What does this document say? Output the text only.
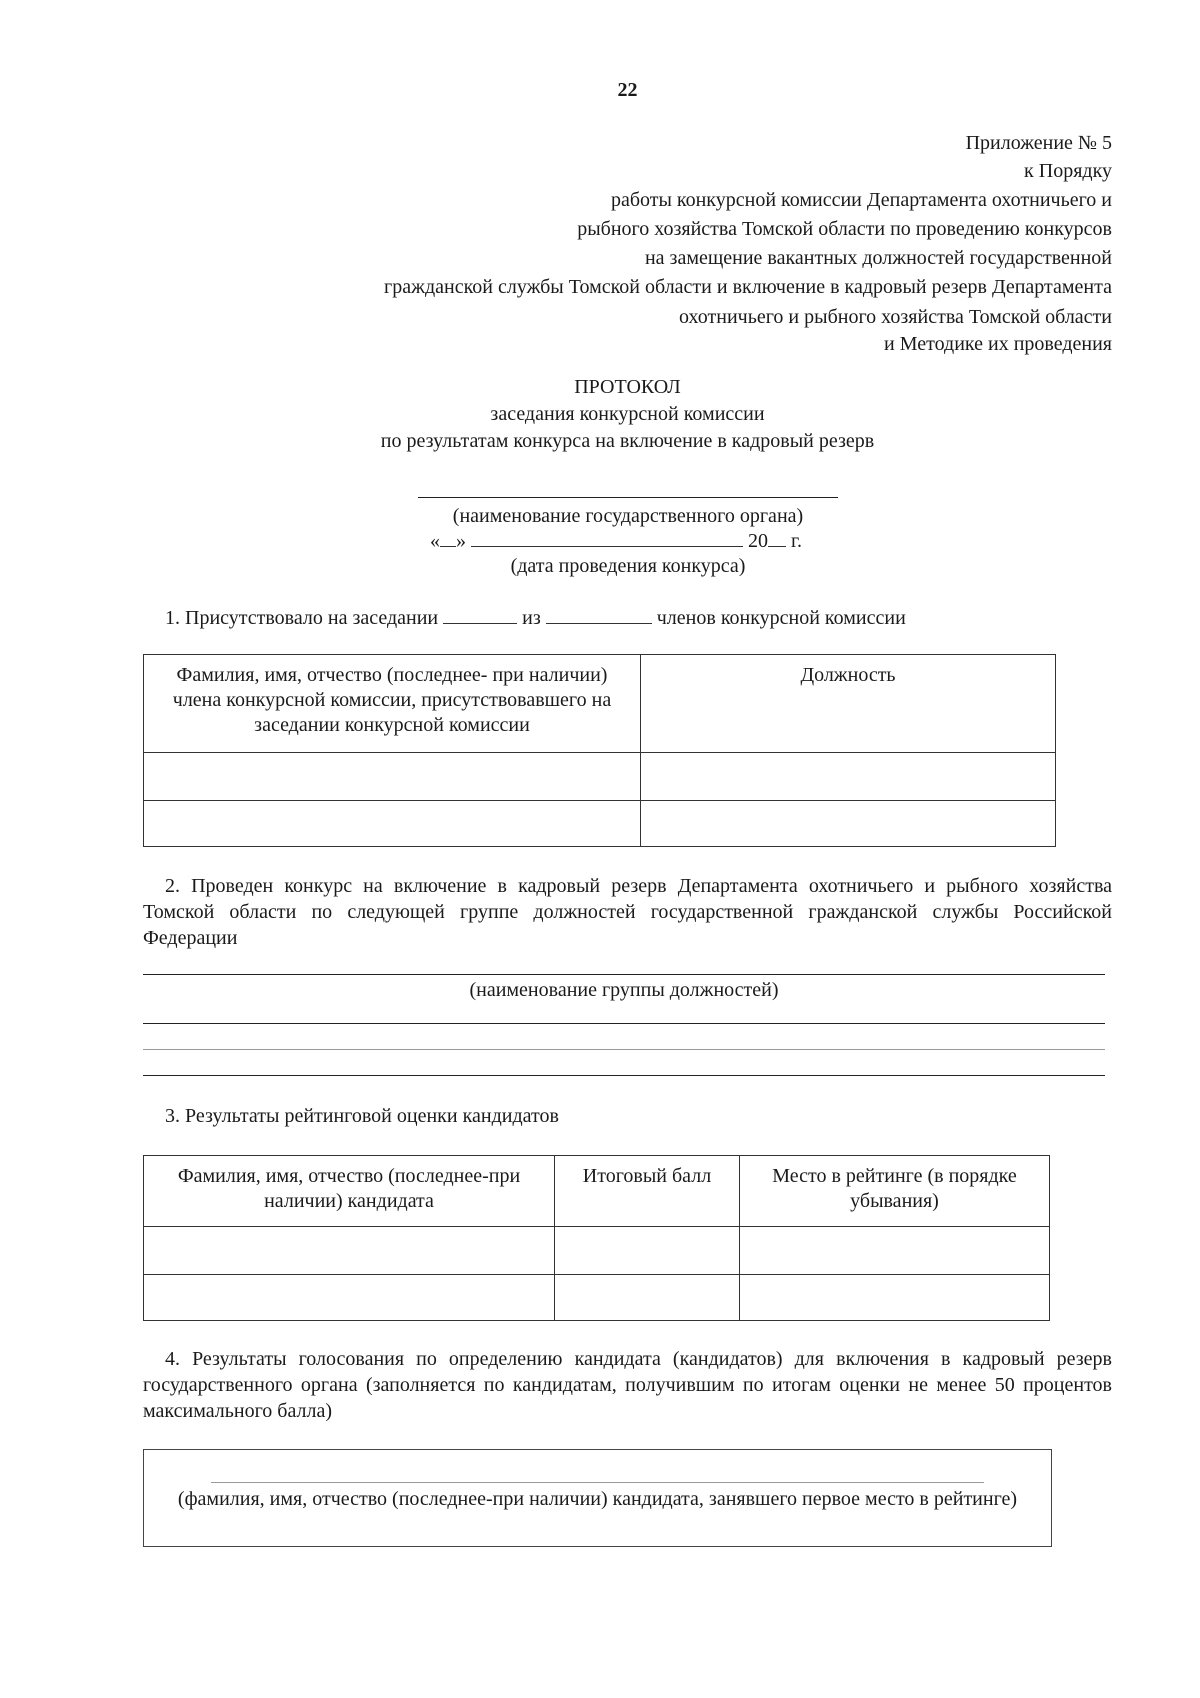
22
Приложение № 5
к Порядку
работы конкурсной комиссии Департамента охотничьего и
рыбного хозяйства Томской области по проведению конкурсов
на замещение вакантных должностей государственной
гражданской службы Томской области и включение в кадровый резерв Департамента
охотничьего и рыбного хозяйства Томской области
и Методике их проведения
ПРОТОКОЛ
заседания конкурсной комиссии
по результатам конкурса на включение в кадровый резерв
(наименование государственного органа)
« »	20 г.
(дата проведения конкурса)
1. Присутствовало на заседании	из	членов конкурсной комиссии
Фамилия, имя, отчество (последнее- при наличии) члена конкурсной комиссии, присутствовавшего на заседании конкурсной комиссии	Должность

2. Проведен конкурс на включение в кадровый резерв Департамента охотничьего и рыбного хозяйства Томской области по следующей группе должностей государственной гражданской службы Российской Федерации
(наименование группы должностей)
3. Результаты рейтинговой оценки кандидатов
Фамилия, имя, отчество (последнее-при наличии) кандидата	Итоговый балл	Место в рейтинге (в порядке убывания)

4. Результаты голосования по определению кандидата (кандидатов) для включения в кадровый резерв государственного органа (заполняется по кандидатам, получившим по итогам оценки не менее 50 процентов максимального балла)
(фамилия, имя, отчество (последнее-при наличии) кандидата, занявшего первое место в рейтинге)
